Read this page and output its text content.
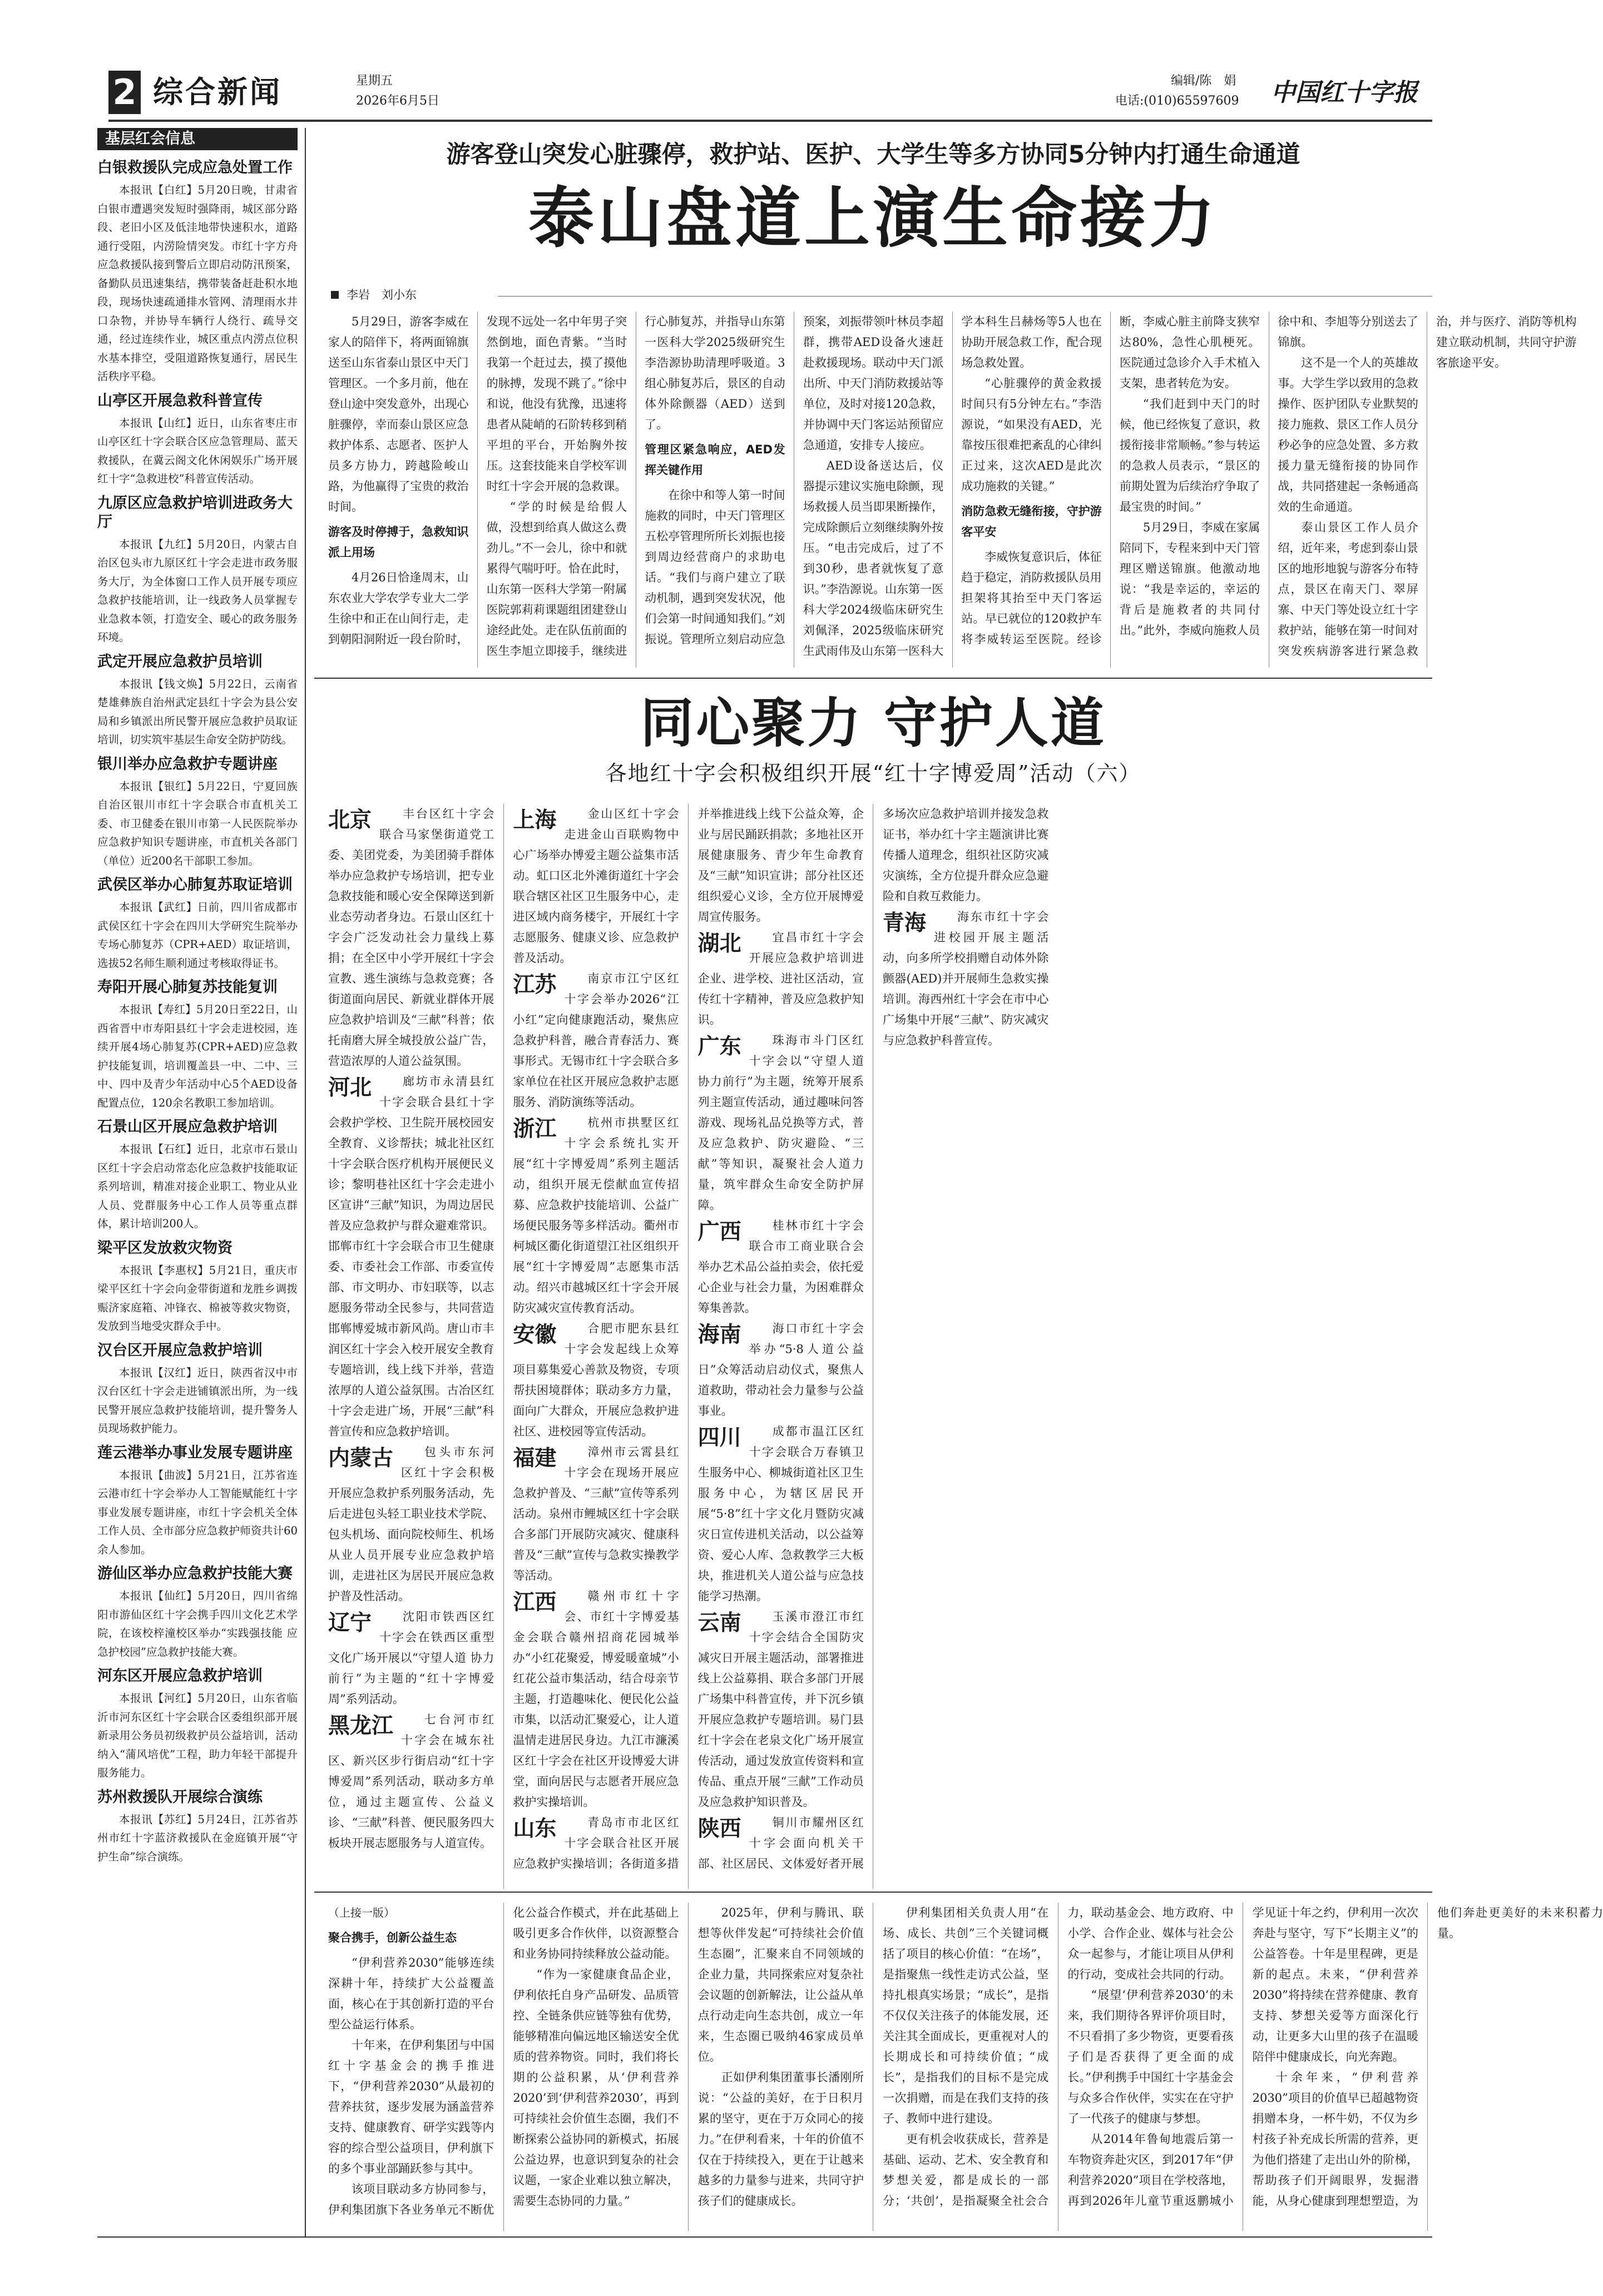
2 综合新闻	星期五
2026年6月5日
编辑/陈　娟
电话:(010)65597609 中国红十字报
基层红会信息
白银救援队完成应急处置工作

本报讯【白红】5月20日晚，甘肃省白银市遭遇突发短时强降雨，城区部分路段、老旧小区及低洼地带快速积水，道路通行受阻，内涝险情突发。市红十字方舟应急救援队接到警后立即启动防汛预案，备勤队员迅速集结，携带装备赶赴积水地段，现场快速疏通排水管网、清理雨水井口杂物，并协导车辆行人绕行、疏导交通，经过连续作业，城区重点内涝点位积水基本排空，受阻道路恢复通行，居民生活秩序平稳。

山亭区开展急救科普宣传

本报讯【山红】近日，山东省枣庄市山亭区红十字会联合区应急管理局、蓝天救援队，在冀云阁文化休闲娱乐广场开展红十字“急救进校”科普宣传活动。

九原区应急救护培训进政务大厅

本报讯【九红】5月20日，内蒙古自治区包头市九原区红十字会走进市政务服务大厅，为全体窗口工作人员开展专项应急救护技能培训，让一线政务人员掌握专业急救本领，打造安全、暖心的政务服务环境。

武定开展应急救护员培训

本报讯【钱文焕】5月22日，云南省楚雄彝族自治州武定县红十字会为县公安局和乡镇派出所民警开展应急救护员取证培训，切实筑牢基层生命安全防护防线。

银川举办应急救护专题讲座

本报讯【银红】5月22日，宁夏回族自治区银川市红十字会联合市直机关工委、市卫健委在银川市第一人民医院举办应急救护知识专题讲座，市直机关各部门（单位）近200名干部职工参加。

武侯区举办心肺复苏取证培训

本报讯【武红】日前，四川省成都市武侯区红十字会在四川大学研究生院举办专场心肺复苏（CPR+AED）取证培训，选拔52名师生顺利通过考核取得证书。

寿阳开展心肺复苏技能复训

本报讯【寿红】5月20日至22日，山西省晋中市寿阳县红十字会走进校园，连续开展4场心肺复苏(CPR+AED)应急救护技能复训，培训覆盖县一中、二中、三中、四中及青少年活动中心5个AED设备配置点位，120余名教职工参加培训。

石景山区开展应急救护培训

本报讯【石红】近日，北京市石景山区红十字会启动常态化应急救护技能取证系列培训，精准对接企业职工、物业从业人员、党群服务中心工作人员等重点群体，累计培训200人。

梁平区发放救灾物资

本报讯【李惠权】5月21日，重庆市梁平区红十字会向金带街道和龙胜乡调拨赈济家庭箱、冲锋衣、棉被等救灾物资，发放到当地受灾群众手中。

汉台区开展应急救护培训

本报讯【汉红】近日，陕西省汉中市汉台区红十字会走进铺镇派出所，为一线民警开展应急救护技能培训，提升警务人员现场救护能力。

莲云港举办事业发展专题讲座

本报讯【曲波】5月21日，江苏省连云港市红十字会举办人工智能赋能红十字事业发展专题讲座，市红十字会机关全体工作人员、全市部分应急救护师资共计60余人参加。

游仙区举办应急救护技能大赛

本报讯【仙红】5月20日，四川省绵阳市游仙区红十字会携手四川文化艺术学院，在该校梓潼校区举办“实践强技能 应急护校园”应急救护技能大赛。

河东区开展应急救护培训

本报讯【河红】5月20日，山东省临沂市河东区红十字会联合区委组织部开展新录用公务员初级救护员公益培训，活动纳入“蒲风培优”工程，助力年轻干部提升服务能力。

苏州救援队开展综合演练

本报讯【苏红】5月24日，江苏省苏州市红十字蓝济救援队在金庭镇开展“守护生命”综合演练。

游客登山突发心脏骤停，救护站、医护、大学生等多方协同5分钟内打通生命通道
泰山盘道上演生命接力
李岩　刘小东

5月29日，游客李威在家人的陪伴下，将两面锦旗送至山东省泰山景区中天门管理区。一个多月前，他在登山途中突发意外，出现心脏骤停，幸而泰山景区应急救护体系、志愿者、医护人员多方协力，跨越险峻山路，为他赢得了宝贵的救治时间。

游客及时停搏于，急救知识派上用场

4月26日恰逢周末，山东农业大学农学专业大二学生徐中和正在山间行走，走到朝阳洞附近一段台阶时，发现不远处一名中年男子突然倒地，面色青紫。“当时我第一个赶过去，摸了摸他的脉搏，发现不跳了。”徐中和说，他没有犹豫，迅速将患者从陡峭的石阶转移到稍平坦的平台，开始胸外按压。这套技能来自学校军训时红十字会开展的急救课。

“学的时候是给假人做，没想到给真人做这么费劲儿。”不一会儿，徐中和就累得气喘吁吁。恰在此时，山东第一医科大学第一附属医院郭莉莉课题组团建登山途经此处。走在队伍前面的医生李旭立即接手，继续进行心肺复苏，并指导山东第一医科大学2025级研究生李浩源协助清理呼吸道。3组心肺复苏后，景区的自动体外除颤器（AED）送到了。

管理区紧急响应，AED发挥关键作用

在徐中和等人第一时间施救的同时，中天门管理区五松亭管理所所长刘振也接到周边经营商户的求助电话。“我们与商户建立了联动机制，遇到突发状况，他们会第一时间通知我们。”刘振说。管理所立刻启动应急预案，刘振带领叶林员李超群，携带AED设备火速赶赴救援现场。联动中天门派出所、中天门消防救援站等单位，及时对接120急救，并协调中天门客运站预留应急通道，安排专人接应。

AED设备送达后，仪器提示建议实施电除颤，现场救援人员当即果断操作，完成除颤后立刻继续胸外按压。“电击完成后，过了不到30秒，患者就恢复了意识。”李浩源说。山东第一医科大学2024级临床研究生刘佩泽，2025级临床研究生武雨伟及山东第一医科大学本科生吕赫炀等5人也在协助开展急救工作，配合现场急救处置。

“心脏骤停的黄金救援时间只有5分钟左右。”李浩源说，“如果没有AED，光靠按压很难把紊乱的心律纠正过来，这次AED是此次成功施救的关键。”

消防急救无缝衔接，守护游客平安

李威恢复意识后，体征趋于稳定，消防救援队员用担架将其抬至中天门客运站。早已就位的120救护车将李威转运至医院。经诊断，李威心脏主前降支狭窄达80%，急性心肌梗死。医院通过急诊介入手术植入支架，患者转危为安。

“我们赶到中天门的时候，他已经恢复了意识，救援衔接非常顺畅。”参与转运的急救人员表示，“景区的前期处置为后续治疗争取了最宝贵的时间。”

5月29日，李威在家属陪同下，专程来到中天门管理区赠送锦旗。他激动地说：“我是幸运的，幸运的背后是施救者的共同付出。”此外，李威向施救人员徐中和、李旭等分别送去了锦旗。

这不是一个人的英雄故事。大学生学以致用的急救操作、医护团队专业默契的接力施救、景区工作人员分秒必争的应急处置、多方救援力量无缝衔接的协同作战，共同搭建起一条畅通高效的生命通道。

泰山景区工作人员介绍，近年来，考虑到泰山景区的地形地貌与游客分布特点，景区在南天门、翠屏寨、中天门等处设立红十字救护站，能够在第一时间对突发疾病游客进行紧急救治，并与医疗、消防等机构建立联动机制，共同守护游客旅途平安。

同心聚力 守护人道
各地红十字会积极组织开展“红十字博爱周”活动（六）
北京	丰台区红十字会联合马家堡街道党工委、美团党委，为美团骑手群体举办应急救护专场培训，把专业急救技能和暖心安全保障送到新业态劳动者身边。石景山区红十字会广泛发动社会力量线上募捐；在全区中小学开展红十字会宣教、逃生演练与急救竞赛；各街道面向居民、新就业群体开展应急救护培训及“三献”科普；依托南磨大屏全城投放公益广告，营造浓厚的人道公益氛围。

河北	廊坊市永清县红十字会联合县红十字会救护学校、卫生院开展校园安全教育、义诊帮扶；城北社区红十字会联合医疗机构开展便民义诊；黎明巷社区红十字会走进小区宣讲“三献”知识，为周边居民普及应急救护与群众避难常识。邯郸市红十字会联合市卫生健康委、市委社会工作部、市委宣传部、市文明办、市妇联等，以志愿服务带动全民参与，共同营造邯郸博爱城市新风尚。唐山市丰润区红十字会入校开展安全教育专题培训，线上线下并举，营造浓厚的人道公益氛围。古冶区红十字会走进广场，开展“三献”科普宣传和应急救护培训。

内蒙古	包头市东河区红十字会积极开展应急救护系列服务活动，先后走进包头轻工职业技术学院、包头机场、面向院校师生、机场从业人员开展专业应急救护培训，走进社区为居民开展应急救护普及性活动。

辽宁	沈阳市铁西区红十字会在铁西区重型文化广场开展以“守望人道 协力前行”为主题的“红十字博爱周”系列活动。

黑龙江	七台河市红十字会在城东社区、新兴区步行街启动“红十字博爱周”系列活动，联动多方单位，通过主题宣传、公益义诊、“三献”科普、便民服务四大板块开展志愿服务与人道宣传。

上海	金山区红十字会走进金山百联购物中心广场举办博爱主题公益集市活动。虹口区北外滩街道红十字会联合辖区社区卫生服务中心，走进区域内商务楼宇，开展红十字志愿服务、健康义诊、应急救护普及活动。

江苏	南京市江宁区红十字会举办2026“江小红”定向健康跑活动，聚焦应急救护科普，融合青春活力、赛事形式。无锡市红十字会联合多家单位在社区开展应急救护志愿服务、消防演练等活动。

浙江	杭州市拱墅区红十字会系统扎实开展“红十字博爱周”系列主题活动，组织开展无偿献血宣传招募、应急救护技能培训、公益广场便民服务等多样活动。衢州市柯城区衢化街道望江社区组织开展“红十字博爱周”志愿集市活动。绍兴市越城区红十字会开展防灾减灾宣传教育活动。

安徽	合肥市肥东县红十字会发起线上众筹项目募集爱心善款及物资，专项帮扶困境群体；联动多方力量，面向广大群众，开展应急救护进社区、进校园等宣传活动。

福建	漳州市云霄县红十字会在现场开展应急救护普及、“三献”宣传等系列活动。泉州市鲤城区红十字会联合多部门开展防灾减灾、健康科普及“三献”宣传与急救实操教学等活动。

江西	赣州市红十字会、市红十字博爱基金会联合赣州招商花园城举办“小红花聚爱，博爱暖童城”小红花公益市集活动，结合母亲节主题，打造趣味化、便民化公益市集，以活动汇聚爱心，让人道温情走进居民身边。九江市濂溪区红十字会在社区开设博爱大讲堂，面向居民与志愿者开展应急救护实操培训。

山东	青岛市市北区红十字会联合社区开展应急救护实操培训；各街道多措并举推进线上线下公益众筹，企业与居民踊跃捐款；多地社区开展健康服务、青少年生命教育及“三献”知识宣讲；部分社区还组织爱心义诊，全方位开展博爱周宣传服务。

湖北	宜昌市红十字会开展应急救护培训进企业、进学校、进社区活动，宣传红十字精神，普及应急救护知识。

广东	珠海市斗门区红十字会以“守望人道 协力前行”为主题，统筹开展系列主题宣传活动，通过趣味问答游戏、现场礼品兑换等方式，普及应急救护、防灾避险、“三献”等知识，凝聚社会人道力量，筑牢群众生命安全防护屏障。

广西	桂林市红十字会联合市工商业联合会举办艺术品公益拍卖会，依托爱心企业与社会力量，为困难群众筹集善款。

海南	海口市红十字会举办“5·8人道公益日”众筹活动启动仪式，聚焦人道救助，带动社会力量参与公益事业。

四川	成都市温江区红十字会联合万春镇卫生服务中心、柳城街道社区卫生服务中心，为辖区居民开展“5·8”红十字文化月暨防灾减灾日宣传进机关活动，以公益筹资、爱心人库、急救教学三大板块，推进机关人道公益与应急技能学习热潮。

云南	玉溪市澄江市红十字会结合全国防灾减灾日开展主题活动，部署推进线上公益募捐、联合多部门开展广场集中科普宣传，并下沉乡镇开展应急救护专题培训。易门县红十字会在老泉文化广场开展宣传活动，通过发放宣传资料和宣传品、重点开展“三献”工作动员及应急救护知识普及。

陕西	铜川市耀州区红十字会面向机关干部、社区居民、文体爱好者开展多场次应急救护培训并接发急救证书，举办红十字主题演讲比赛传播人道理念，组织社区防灾减灾演练，全方位提升群众应急避险和自救互救能力。

青海	海东市红十字会进校园开展主题活动，向多所学校捐赠自动体外除颤器(AED)并开展师生急救实操培训。海西州红十字会在市中心广场集中开展“三献”、防灾减灾与应急救护科普宣传。

（上接一版）

聚合携手，创新公益生态

“伊利营养2030”能够连续深耕十年，持续扩大公益覆盖面，核心在于其创新打造的平台型公益运行体系。

十年来，在伊利集团与中国红十字基金会的携手推进下，“伊利营养2030”从最初的营养扶贫，逐步发展为涵盖营养支持、健康教育、研学实践等内容的综合型公益项目，伊利旗下的多个事业部踊跃参与其中。

该项目联动多方协同参与，伊利集团旗下各业务单元不断优化公益合作模式，并在此基础上吸引更多合作伙伴，以资源整合和业务协同持续释放公益动能。

“作为一家健康食品企业，伊利依托自身产品研发、品质管控、全链条供应链等独有优势，能够精准向偏远地区输送安全优质的营养物资。同时，我们将长期的公益积累，从‘伊利营养2020’到‘伊利营养2030’，再到可持续社会价值生态圈，我们不断探索公益协同的新模式，拓展公益边界，也意识到复杂的社会议题，一家企业难以独立解决，需要生态协同的力量。”

2025年，伊利与腾讯、联想等伙伴发起“可持续社会价值生态圈”，汇聚来自不同领域的企业力量，共同探索应对复杂社会议题的创新解法，让公益从单点行动走向生态共创，成立一年来，生态圈已吸纳46家成员单位。

正如伊利集团董事长潘刚所说：“公益的美好，在于日积月累的坚守，更在于万众同心的接力。”在伊利看来，十年的价值不仅在于持续投入，更在于让越来越多的力量参与进来，共同守护孩子们的健康成长。

伊利集团相关负责人用“在场、成长、共创”三个关键词概括了项目的核心价值：“在场”，是指聚焦一线性走访式公益，坚持扎根真实场景；“成长”，是指不仅仅关注孩子的体能发展，还关注其全面成长，更重视对人的长期成长和可持续价值；“成长”，是指我们的目标不是完成一次捐赠，而是在我们支持的孩子、教师中进行建设。

更有机会收获成长，营养是基础、运动、艺术、安全教育和梦想关爱，都是成长的一部分；‘共创’，是指凝聚全社会合力，联动基金会、地方政府、中小学、合作企业、媒体与社会公众一起参与，才能让项目从伊利的行动，变成社会共同的行动。

“展望‘伊利营养2030’的未来，我们期待各界评价项目时，不只看捐了多少物资，更要看孩子们是否获得了更全面的成长。”伊利携手中国红十字基金会与众多合作伙伴，实实在在守护了一代孩子的健康与梦想。

从2014年鲁甸地震后第一车物资奔赴灾区，到2017年“伊利营养2020”项目在学校落地，再到2026年儿童节重返鹏城小学见证十年之约，伊利用一次次奔赴与坚守，写下“长期主义”的公益答卷。十年是里程碑，更是新的起点。未来，“伊利营养2030”将持续在营养健康、教育支持、梦想关爱等方面深化行动，让更多大山里的孩子在温暖陪伴中健康成长，向光奔跑。

十余年来，“伊利营养2030”项目的价值早已超越物资捐赠本身，一杯牛奶，不仅为乡村孩子补充成长所需的营养，更为他们搭建了走出山外的阶梯，帮助孩子们开阔眼界，发掘潜能，从身心健康到理想塑造，为他们奔赴更美好的未来积蓄力量。
